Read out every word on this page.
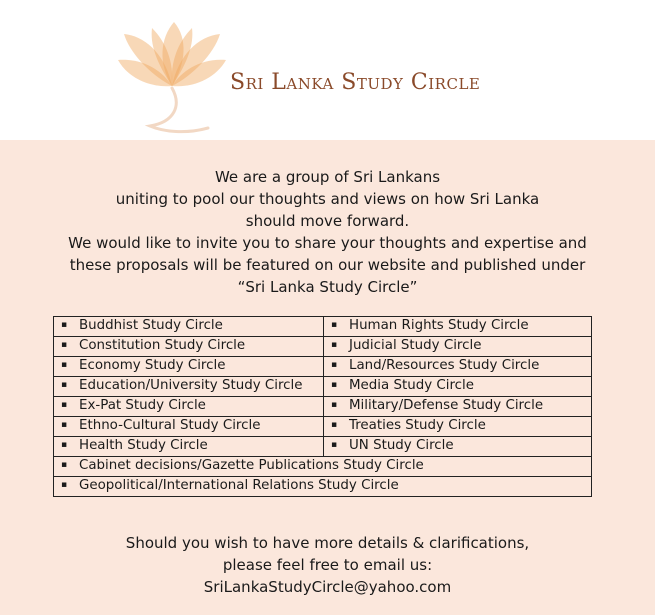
Sri Lanka Study Circle
We are a group of Sri Lankans
uniting to pool our thoughts and views on how Sri Lanka
should move forward.
We would like to invite you to share your thoughts and expertise and
these proposals will be featured on our website and published under
“Sri Lanka Study Circle”
▪ Buddhist Study Circle	▪ Human Rights Study Circle
▪ Constitution Study Circle	▪ Judicial Study Circle
▪ Economy Study Circle	▪ Land/Resources Study Circle
▪ Education/University Study Circle	▪ Media Study Circle
▪ Ex-Pat Study Circle	▪ Military/Defense Study Circle
▪ Ethno-Cultural Study Circle	▪ Treaties Study Circle
▪ Health Study Circle	▪ UN Study Circle
▪ Cabinet decisions/Gazette Publications Study Circle	
▪ Geopolitical/International Relations Study Circle	
Should you wish to have more details & clarifications,
please feel free to email us:
SriLankaStudyCircle@yahoo.com
